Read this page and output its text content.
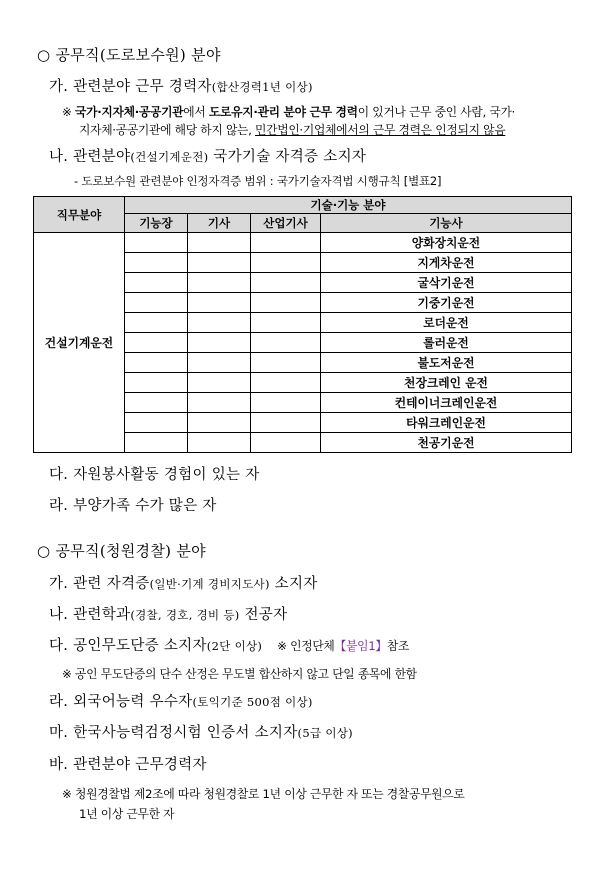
○ 공무직(도로보수원) 분야
가. 관련분야 근무 경력자(합산경력1년 이상)
※ 국가·지자체·공공기관에서 도로유지·관리 분야 근무 경력이 있거나 근무 중인 사람, 국가·
지자체·공공기관에 해당 하지 않는, 민간법인·기업체에서의 근무 경력은 인정되지 않음
나. 관련분야(건설기계운전) 국가기술 자격증 소지자
- 도로보수원 관련분야 인정자격증 범위 : 국가기술자격법 시행규칙 [별표2]
직무분야	기술·기능 분야			
	기능장	기사	산업기사	기능사
건설기계운전				양화장치운전
				지게차운전
				굴삭기운전
				기중기운전
				로더운전
				롤러운전
				불도저운전
				천장크레인 운전
				컨테이너크레인운전
				타워크레인운전
				천공기운전
다. 자원봉사활동 경험이 있는 자
라. 부양가족 수가 많은 자
○ 공무직(청원경찰) 분야
가. 관련 자격증(일반·기계 경비지도사) 소지자
나. 관련학과(경찰, 경호, 경비 등) 전공자
다. 공인무도단증 소지자(2단 이상) ※ 인정단체【붙임1】참조
※ 공인 무도단증의 단수 산정은 무도별 합산하지 않고 단일 종목에 한함
라. 외국어능력 우수자(토익기준 500점 이상)
마. 한국사능력검정시험 인증서 소지자(5급 이상)
바. 관련분야 근무경력자
※ 청원경찰법 제2조에 따라 청원경찰로 1년 이상 근무한 자 또는 경찰공무원으로
1년 이상 근무한 자
